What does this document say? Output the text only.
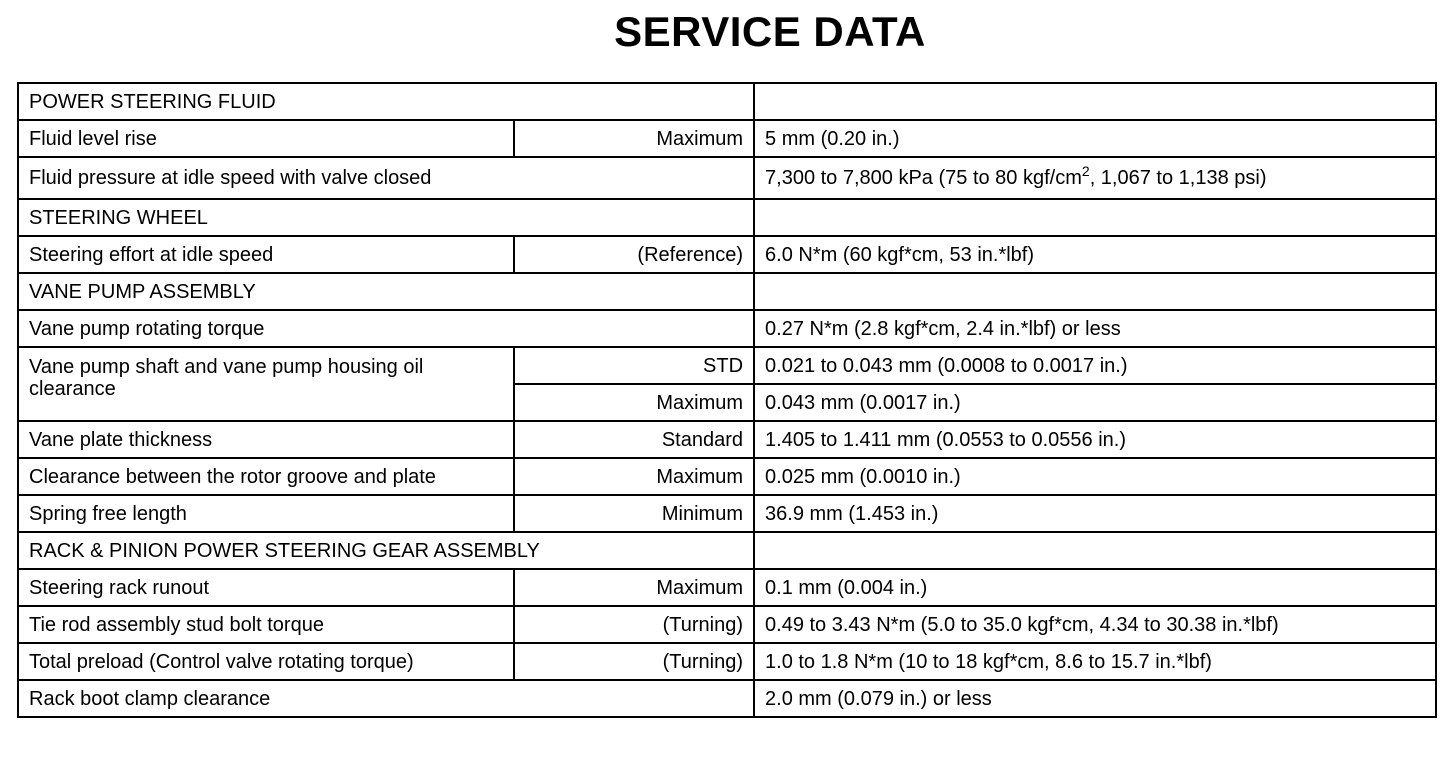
SERVICE DATA
POWER STEERING FLUID		
Fluid level rise	Maximum	5 mm (0.20 in.)
Fluid pressure at idle speed with valve closed		7,300 to 7,800 kPa (75 to 80 kgf/$cm^2$, 1,067 to 1,138 psi)
STEERING WHEEL		
Steering effort at idle speed	(Reference)	6.0 N*m (60 kgf*cm, 53 in.*lbf)
VANE PUMP ASSEMBLY		
Vane pump rotating torque		0.27 N*m (2.8 kgf*cm, 2.4 in.*lbf) or less
Vane pump shaft and vane pump housing oil clearance	STD	0.021 to 0.043 mm (0.0008 to 0.0017 in.)
	Maximum	0.043 mm (0.0017 in.)
Vane plate thickness	Standard	1.405 to 1.411 mm (0.0553 to 0.0556 in.)
Clearance between the rotor groove and plate	Maximum	0.025 mm (0.0010 in.)
Spring free length	Minimum	36.9 mm (1.453 in.)
RACK & PINION POWER STEERING GEAR ASSEMBLY		
Steering rack runout	Maximum	0.1 mm (0.004 in.)
Tie rod assembly stud bolt torque	(Turning)	0.49 to 3.43 N*m (5.0 to 35.0 kgf*cm, 4.34 to 30.38 in.*lbf)
Total preload (Control valve rotating torque)	(Turning)	1.0 to 1.8 N*m (10 to 18 kgf*cm, 8.6 to 15.7 in.*lbf)
Rack boot clamp clearance		2.0 mm (0.079 in.) or less
